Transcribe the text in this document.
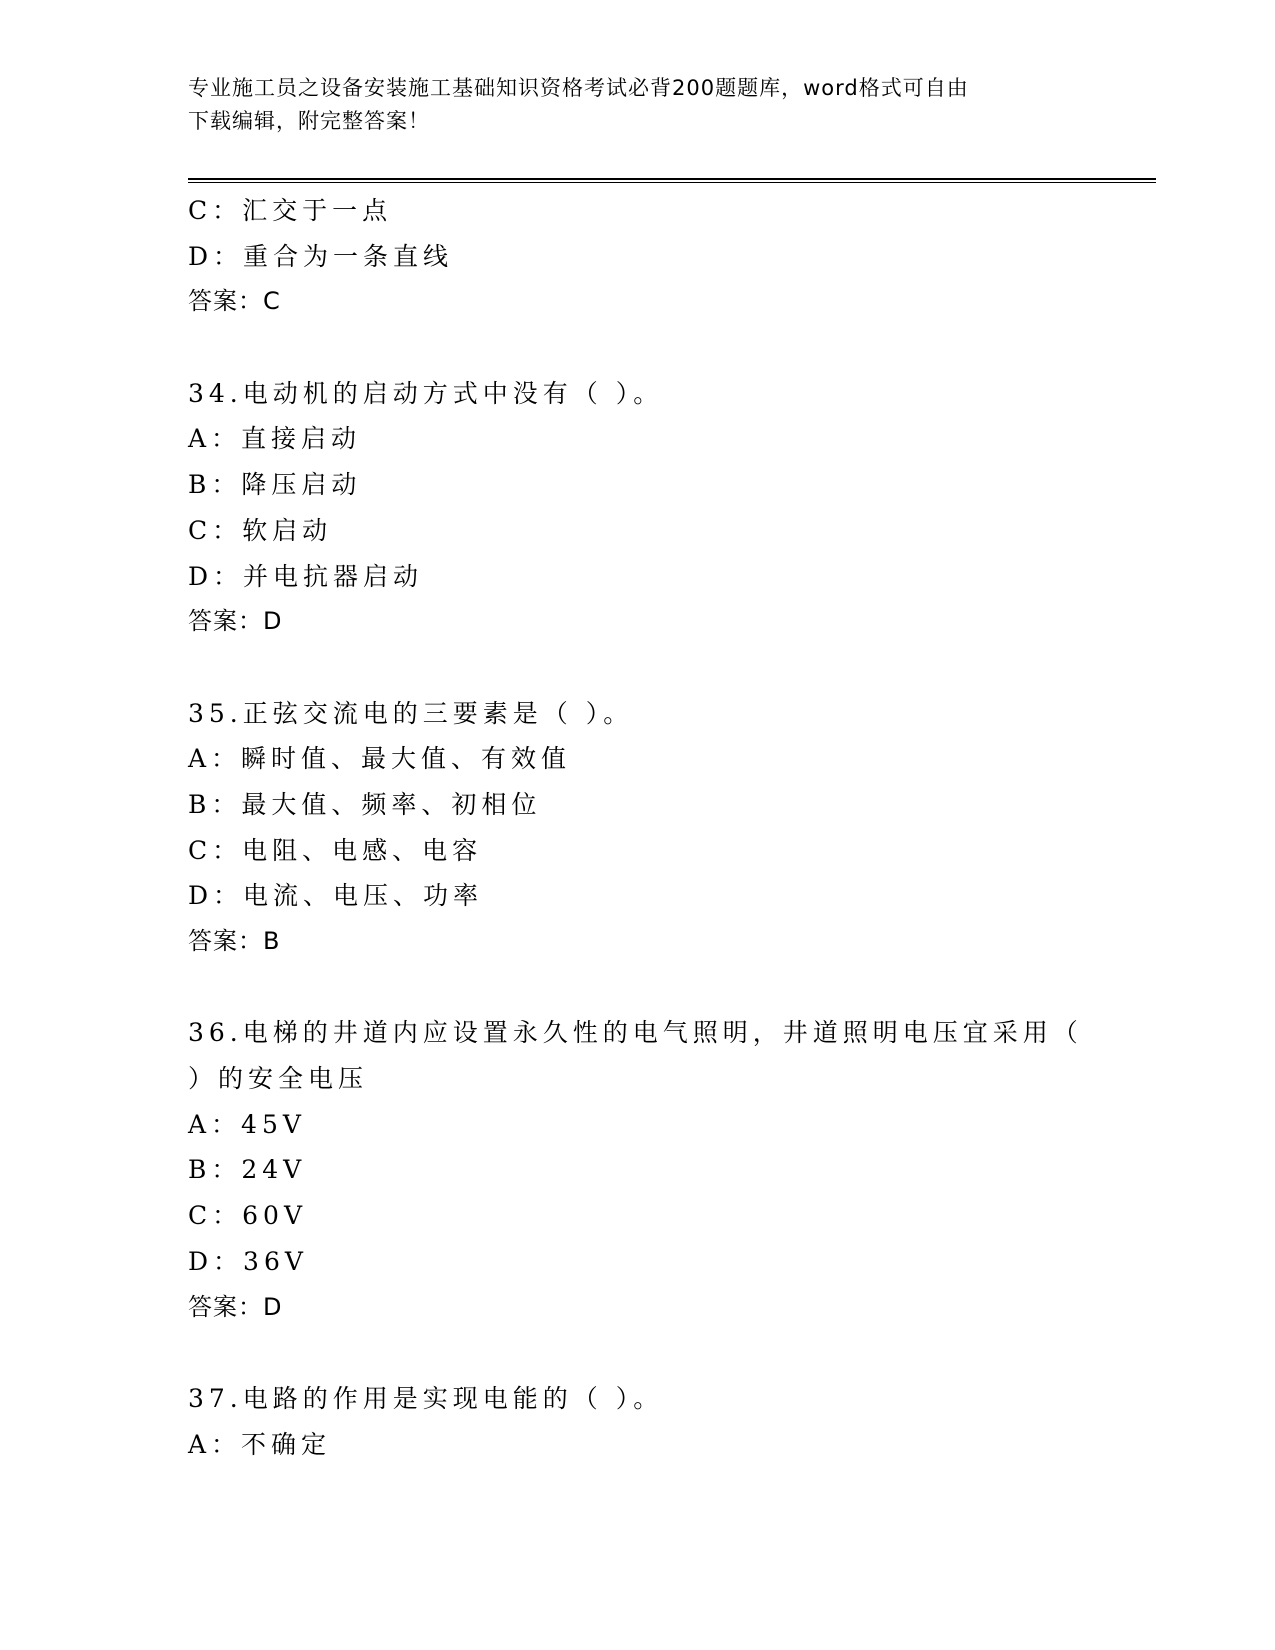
专业施工员之设备安装施工基础知识资格考试必背200题题库，word格式可自由
下载编辑，附完整答案！
C：汇交于一点
D：重合为一条直线
答案：C
34.电动机的启动方式中没有（ ）。
A：直接启动
B：降压启动
C：软启动
D：并电抗器启动
答案：D
35.正弦交流电的三要素是（ ）。
A：瞬时值、最大值、有效值
B：最大值、频率、初相位
C：电阻、电感、电容
D：电流、电压、功率
答案：B
36.电梯的井道内应设置永久性的电气照明，井道照明电压宜采用（
）的安全电压
A：45V
B：24V
C：60V
D：36V
答案：D
37.电路的作用是实现电能的（ ）。
A：不确定
